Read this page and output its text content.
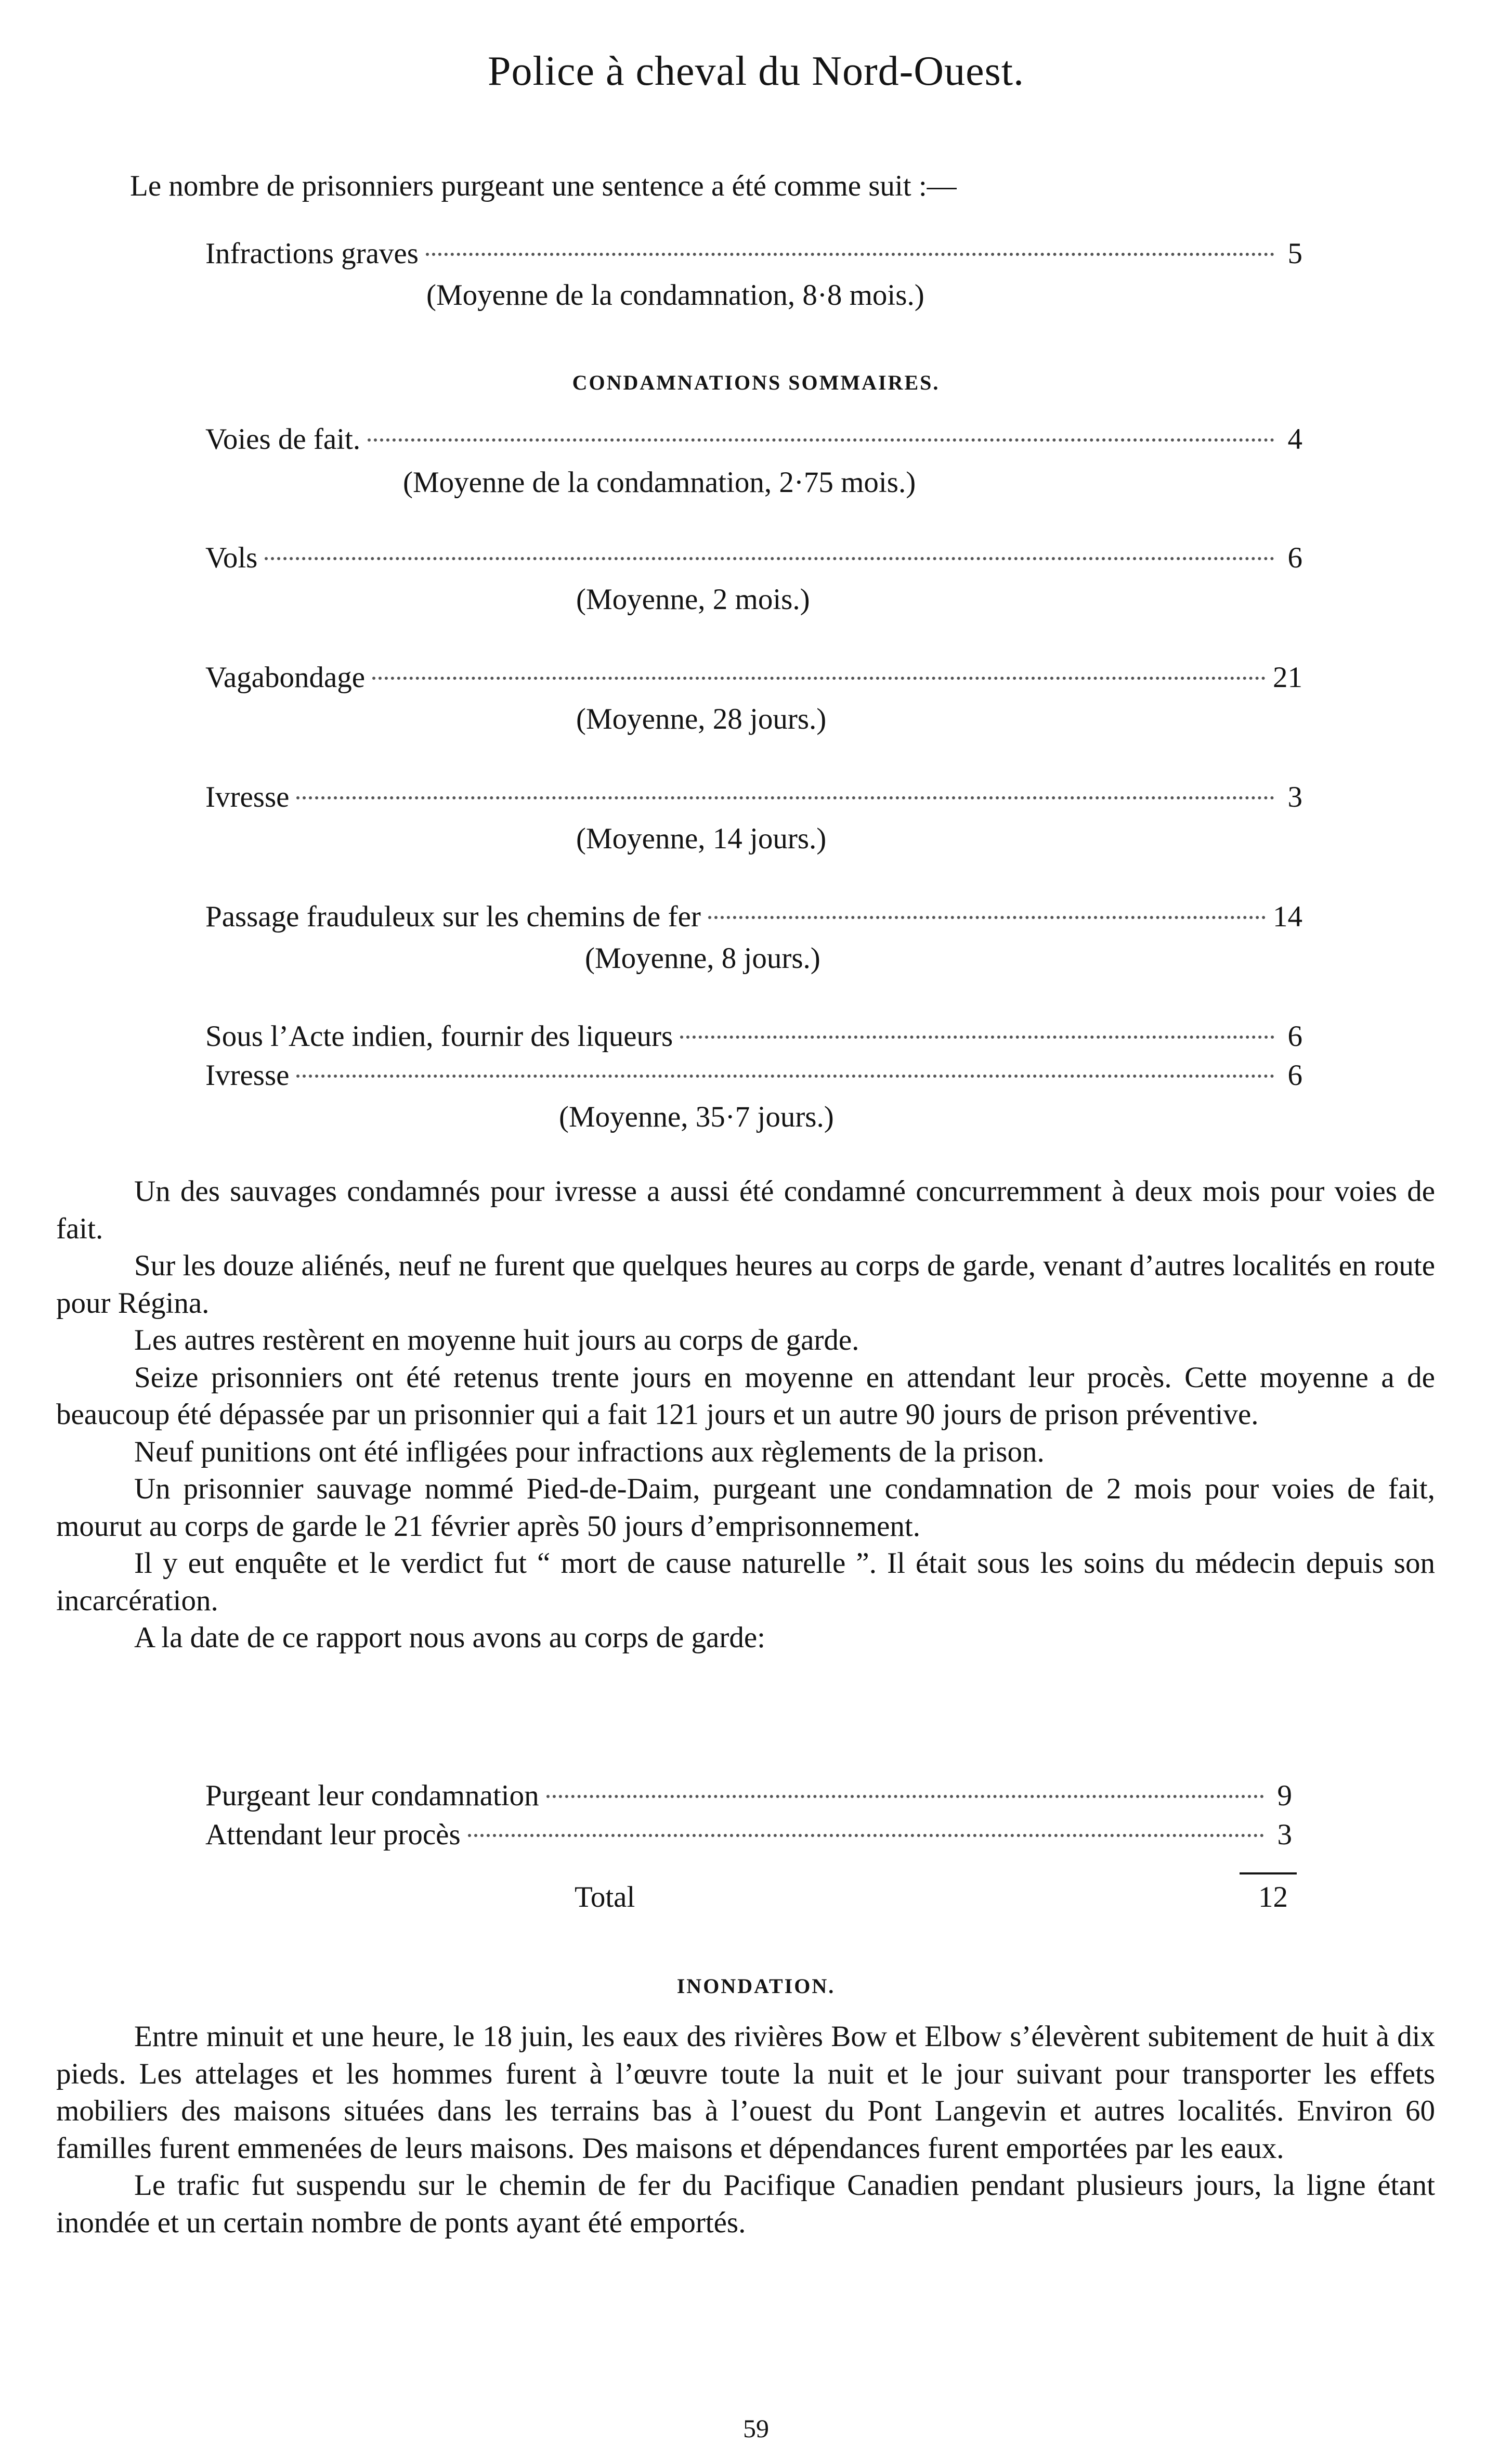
Police à cheval du Nord-Ouest.
Le nombre de prisonniers purgeant une sentence a été comme suit :—
Infractions graves	5
(Moyenne de la condamnation, 8·8 mois.)
CONDAMNATIONS SOMMAIRES.
Voies de fait.	4
(Moyenne de la condamnation, 2·75 mois.)
Vols	6
(Moyenne, 2 mois.)
Vagabondage	21
(Moyenne, 28 jours.)
Ivresse	3
(Moyenne, 14 jours.)
Passage frauduleux sur les chemins de fer	14
(Moyenne, 8 jours.)
Sous l’Acte indien, fournir des liqueurs	6
Ivresse	6
(Moyenne, 35·7 jours.)

Un des sauvages condamnés pour ivresse a aussi été condamné concurremment à deux mois pour voies de fait.

Sur les douze aliénés, neuf ne furent que quelques heures au corps de garde, venant d’autres localités en route pour Régina.

Les autres restèrent en moyenne huit jours au corps de garde.

Seize prisonniers ont été retenus trente jours en moyenne en attendant leur procès. Cette moyenne a de beaucoup été dépassée par un prisonnier qui a fait 121 jours et un autre 90 jours de prison préventive.

Neuf punitions ont été infligées pour infractions aux règlements de la prison.

Un prisonnier sauvage nommé Pied-de-Daim, purgeant une condamnation de 2 mois pour voies de fait, mourut au corps de garde le 21 février après 50 jours d’emprisonnement.

Il y eut enquête et le verdict fut “ mort de cause naturelle ”. Il était sous les soins du médecin depuis son incarcération.

A la date de ce rapport nous avons au corps de garde:

Purgeant leur condamnation	9
Attendant leur procès	3
Total	12
INONDATION.

Entre minuit et une heure, le 18 juin, les eaux des rivières Bow et Elbow s’élevèrent subitement de huit à dix pieds. Les attelages et les hommes furent à l’œuvre toute la nuit et le jour suivant pour transporter les effets mobiliers des maisons situées dans les terrains bas à l’ouest du Pont Langevin et autres localités. Environ 60 familles furent emmenées de leurs maisons. Des maisons et dépendances furent emportées par les eaux.

Le trafic fut suspendu sur le chemin de fer du Pacifique Canadien pendant plusieurs jours, la ligne étant inondée et un certain nombre de ponts ayant été emportés.

59
